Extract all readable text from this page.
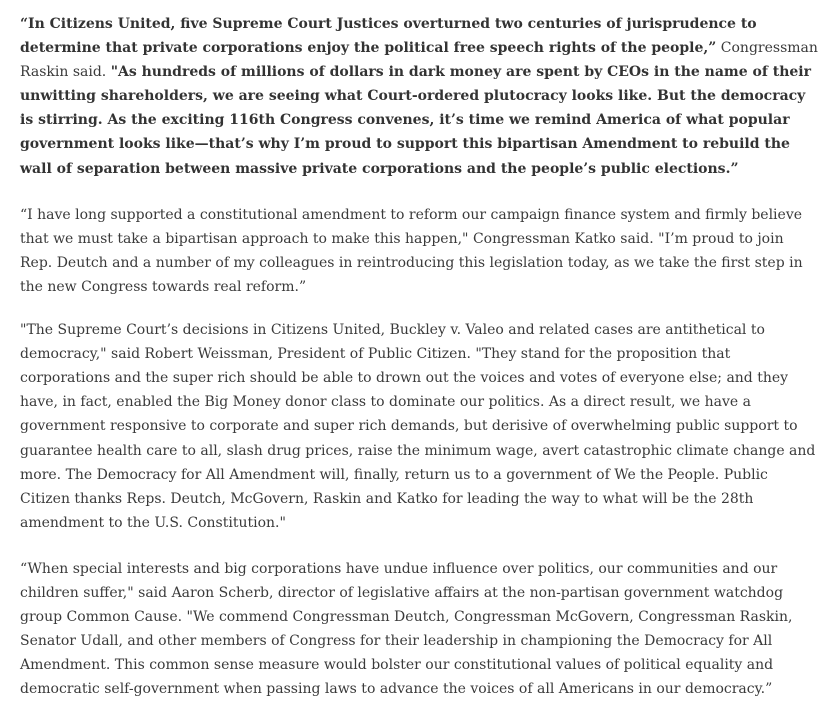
“In Citizens United, five Supreme Court Justices overturned two centuries of jurisprudence to determine that private corporations enjoy the political free speech rights of the people,” Congressman Raskin said. "As hundreds of millions of dollars in dark money are spent by CEOs in the name of their unwitting shareholders, we are seeing what Court-ordered plutocracy looks like. But the democracy is stirring. As the exciting 116th Congress convenes, it’s time we remind America of what popular government looks like—that’s why I’m proud to support this bipartisan Amendment to rebuild the wall of separation between massive private corporations and the people’s public elections.”

“I have long supported a constitutional amendment to reform our campaign finance system and firmly believe that we must take a bipartisan approach to make this happen," Congressman Katko said. "I’m proud to join Rep. Deutch and a number of my colleagues in reintroducing this legislation today, as we take the first step in the new Congress towards real reform.”

"The Supreme Court’s decisions in Citizens United, Buckley v. Valeo and related cases are antithetical to democracy," said Robert Weissman, President of Public Citizen. "They stand for the proposition that corporations and the super rich should be able to drown out the voices and votes of everyone else; and they have, in fact, enabled the Big Money donor class to dominate our politics. As a direct result, we have a government responsive to corporate and super rich demands, but derisive of overwhelming public support to guarantee health care to all, slash drug prices, raise the minimum wage, avert catastrophic climate change and more. The Democracy for All Amendment will, finally, return us to a government of We the People. Public Citizen thanks Reps. Deutch, McGovern, Raskin and Katko for leading the way to what will be the 28th amendment to the U.S. Constitution."

“When special interests and big corporations have undue influence over politics, our communities and our children suffer," said Aaron Scherb, director of legislative affairs at the non-partisan government watchdog group Common Cause. "We commend Congressman Deutch, Congressman McGovern, Congressman Raskin, Senator Udall, and other members of Congress for their leadership in championing the Democracy for All Amendment. This common sense measure would bolster our constitutional values of political equality and democratic self-government when passing laws to advance the voices of all Americans in our democracy.”
